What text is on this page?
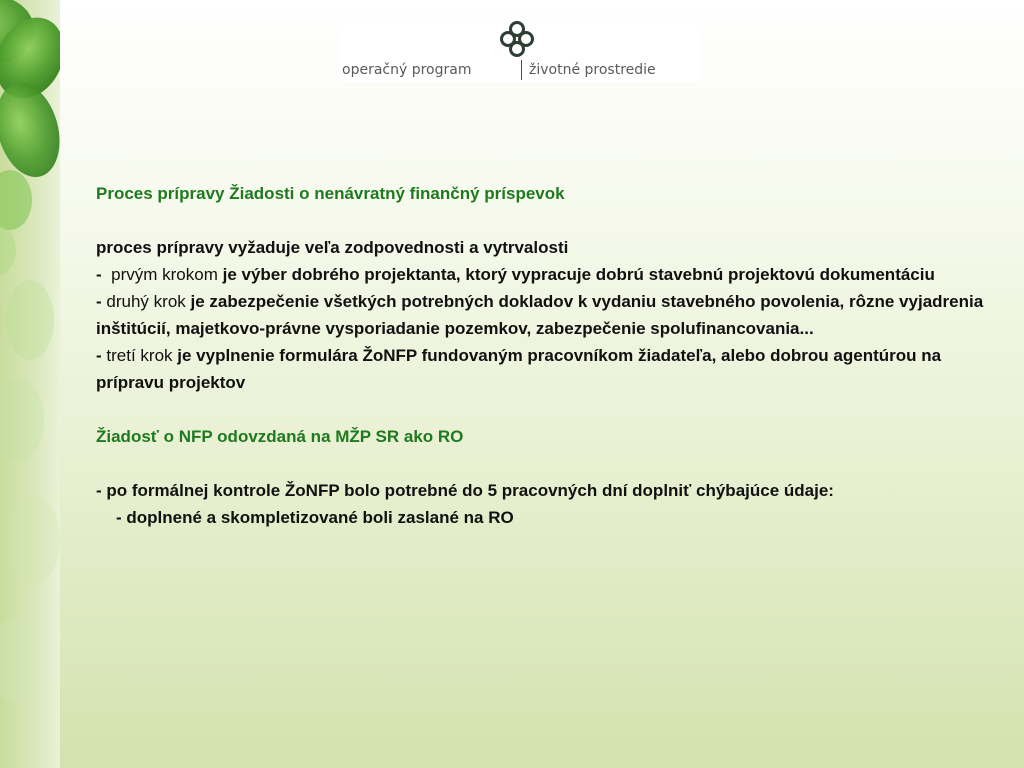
operačný program	životné prostredie

Proces prípravy Žiadosti o nenávratný finančný príspevok

proces prípravy vyžaduje veľa zodpovednosti a vytrvalosti

- prvým krokom je výber dobrého projektanta, ktorý vypracuje dobrú stavebnú projektovú dokumentáciu

- druhý krok je zabezpečenie všetkých potrebných dokladov k vydaniu stavebného povolenia, rôzne vyjadrenia inštitúcií, majetkovo-právne vysporiadanie pozemkov, zabezpečenie spolufinancovania...

- tretí krok je vyplnenie formulára ŽoNFP fundovaným pracovníkom žiadateľa, alebo dobrou agentúrou na prípravu projektov

Žiadosť o NFP odovzdaná na MŽP SR ako RO

- po formálnej kontrole ŽoNFP bolo potrebné do 5 pracovných dní doplniť chýbajúce údaje:

- doplnené a skompletizované boli zaslané na RO
